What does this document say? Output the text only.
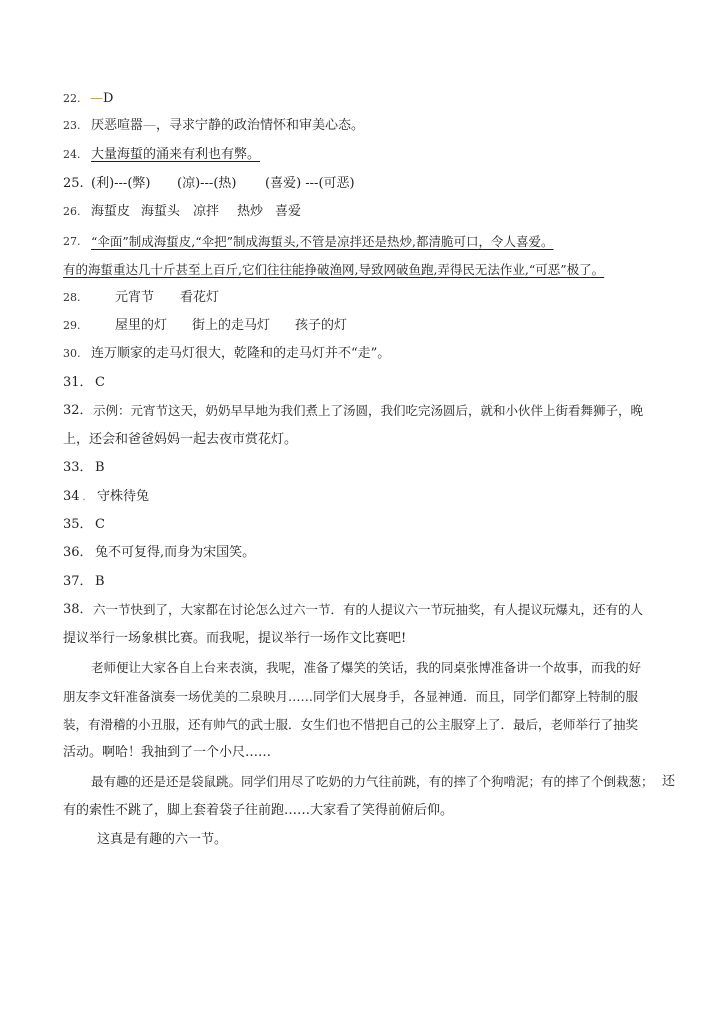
22. — D
23. 厌恶喧嚣—，寻求宁静的政治情怀和审美心态。
24. 大量海蜇的涌来有利也有弊。
25. (利)---(弊) (凉)---(热) (喜爱) ---(可恶)
26. 海蜇皮 海蜇头 凉拌 热炒 喜爱
27. “伞面”制成海蜇皮,“伞把”制成海蜇头,不管是凉拌还是热炒,都清脆可口，令人喜爱。
有的海蜇重达几十斤甚至上百斤,它们往往能挣破渔网,导致网破鱼跑,弄得民无法作业,“可恶”极了。
28.	元宵节 看花灯
29.	屋里的灯 街上的走马灯 孩子的灯
30. 连万顺家的走马灯很大，乾隆和的走马灯并不“走”。
31． C
32． 示例：元宵节这天，奶奶早早地为我们煮上了汤圆，我们吃完汤圆后，就和小伙伴上街看舞狮子，晚
上，还会和爸爸妈妈一起去夜市赏花灯。
33． B
34 ． 守株待兔
35． C
36． 兔不可复得,而身为宋国笑。
37． B
38． 六一节快到了，大家都在讨论怎么过六一节．有的人提议六一节玩抽奖，有人提议玩爆丸，还有的人
提议举行一场象棋比赛。而我呢，提议举行一场作文比赛吧!
老师便让大家各自上台来表演，我呢，准备了爆笑的笑话，我的同桌张博准备讲一个故事，而我的好
朋友李文轩准备演奏一场优美的二泉映月……同学们大展身手，各显神通．而且，同学们都穿上特制的服
装，有滑稽的小丑服，还有帅气的武士服．女生们也不惜把自己的公主服穿上了．最后，老师举行了抽奖
活动。啊哈！我抽到了一个小尺……
最有趣的还是还是袋鼠跳。同学们用尽了吃奶的力气往前跳，有的摔了个狗啃泥；有的摔了个倒栽葱； 还
有的索性不跳了，脚上套着袋子往前跑……大家看了笑得前俯后仰。
这真是有趣的六一节。
